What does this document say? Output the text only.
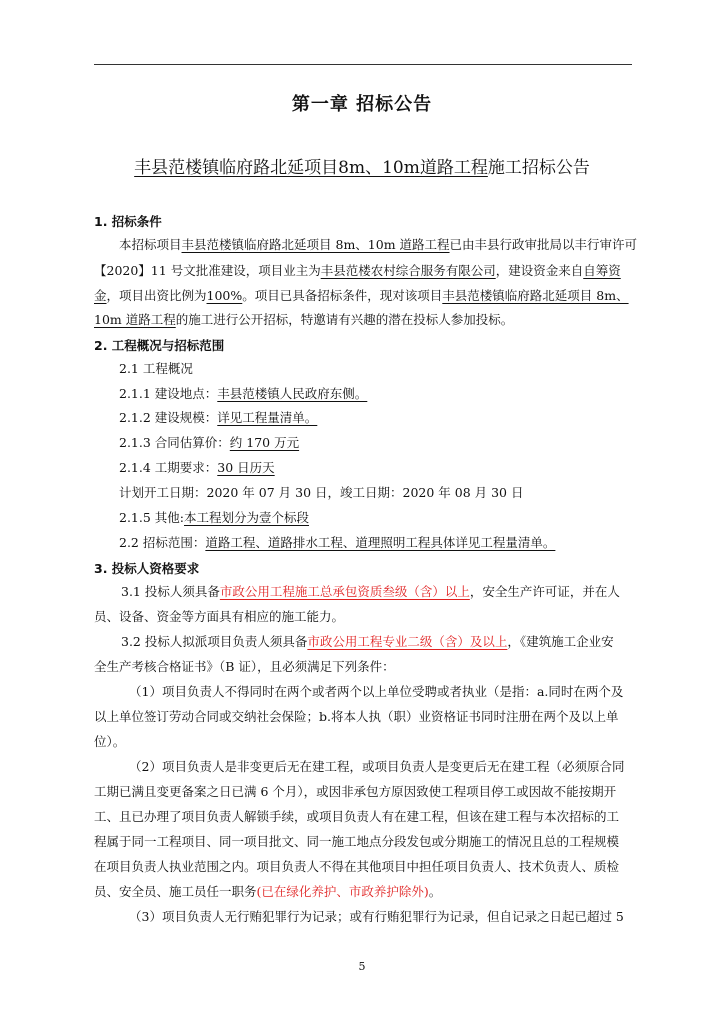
第一章 招标公告
丰县范楼镇临府路北延项目8m、10m道路工程施工招标公告
1. 招标条件
本招标项目丰县范楼镇临府路北延项目 8m、10m 道路工程已由丰县行政审批局以丰行审许可
【2020】11 号文批准建设，项目业主为丰县范楼农村综合服务有限公司，建设资金来自自筹资
金，项目出资比例为100%。项目已具备招标条件，现对该项目丰县范楼镇临府路北延项目 8m、
10m 道路工程的施工进行公开招标，特邀请有兴趣的潜在投标人参加投标。
2. 工程概况与招标范围
2.1 工程概况
2.1.1 建设地点：丰县范楼镇人民政府东侧。
2.1.2 建设规模：详见工程量清单。
2.1.3 合同估算价：约 170 万元
2.1.4 工期要求：30 日历天
计划开工日期：2020 年 07 月 30 日，竣工日期：2020 年 08 月 30 日
2.1.5 其他:本工程划分为壹个标段
2.2 招标范围：道路工程、道路排水工程、道理照明工程具体详见工程量清单。
3. 投标人资格要求
3.1 投标人须具备市政公用工程施工总承包资质叁级（含）以上，安全生产许可证，并在人
员、设备、资金等方面具有相应的施工能力。
3.2 投标人拟派项目负责人须具备市政公用工程专业二级（含）及以上，《建筑施工企业安
全生产考核合格证书》（B 证），且必须满足下列条件：
（1）项目负责人不得同时在两个或者两个以上单位受聘或者执业（是指：a.同时在两个及
以上单位签订劳动合同或交纳社会保险；b.将本人执（职）业资格证书同时注册在两个及以上单
位）。
（2）项目负责人是非变更后无在建工程，或项目负责人是变更后无在建工程（必须原合同
工期已满且变更备案之日已满 6 个月），或因非承包方原因致使工程项目停工或因故不能按期开
工、且已办理了项目负责人解锁手续，或项目负责人有在建工程，但该在建工程与本次招标的工
程属于同一工程项目、同一项目批文、同一施工地点分段发包或分期施工的情况且总的工程规模
在项目负责人执业范围之内。项目负责人不得在其他项目中担任项目负责人、技术负责人、质检
员、安全员、施工员任一职务(已在绿化养护、市政养护除外)。
（3）项目负责人无行贿犯罪行为记录；或有行贿犯罪行为记录，但自记录之日起已超过 5
5
